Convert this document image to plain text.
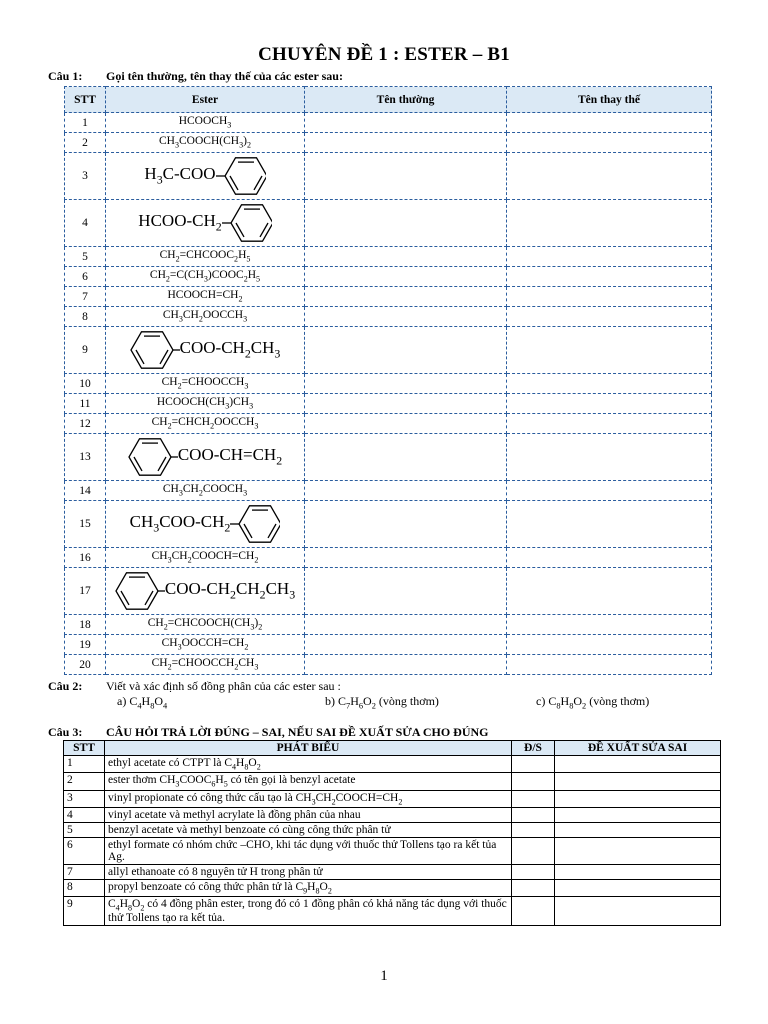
CHUYÊN ĐỀ 1 : ESTER – B1
Câu 1: Gọi tên thường, tên thay thế của các ester sau:
STT	Ester	Tên thường	Tên thay thế
1	$HCOOCH_3$		
2	$CH_3COOCH(CH_3)_2$		
3	$H_3C$-COO		

4	HCOO-$CH_2$

5	$CH_2=CHCOOC_2H_5$		
6	$CH_2=C(CH_3)COOC_2H_5$		
7	$HCOOCH=CH_2$		
8	$CH_3CH_2OOCCH_3$		
9	COO-$CH_2CH_3$

10	$CH_2=CHOOCCH_3$		
11	$HCOOCH(CH_3)CH_3$		
12	$CH_2=CHCH_2OOCCH_3$		
13	COO-$CH=CH_2$

14	$CH_3CH_2COOCH_3$		
15	$CH_3COO-CH_2$

16	$CH_3CH_2COOCH=CH_2$		
17	COO-$CH_2CH_2CH_3$

18	$CH_2=CHCOOCH(CH_3)_2$		
19	$CH_3OOCCH=CH_2$		
20	$CH_2=CHOOCCH_2CH_3$		
Câu 2: Viết và xác định số đồng phân của các ester sau :
a) $C_4H_8O_4$	b) $C_7H_6O_2$ (vòng thơm)	c) $C_8H_8O_2$ (vòng thơm)
Câu 3: CÂU HỎI TRẢ LỜI ĐÚNG – SAI, NẾU SAI ĐỀ XUẤT SỬA CHO ĐÚNG
STT	PHÁT BIỂU	Đ/S	ĐỀ XUẤT SỬA SAI
1	ethyl acetate có CTPT là $C_4H_8O_2$		
2	ester thơm $CH_3COOC_6H_5$ có tên gọi là benzyl acetate		
3	vinyl propionate có công thức cấu tạo là $CH_3CH_2COOCH=CH_2$		
4	vinyl acetate và methyl acrylate là đồng phân của nhau		
5	benzyl acetate và methyl benzoate có cùng công thức phân tử		
6	ethyl formate có nhóm chức –CHO, khi tác dụng với thuốc thử Tollens tạo ra kết tủa Ag.		
7	allyl ethanoate có 8 nguyên tử H trong phân tử		
8	propyl benzoate có công thức phân tử là $C_9H_8O_2$		
9	$C_4H_8O_2$ có 4 đồng phân ester, trong đó có 1 đồng phân có khả năng tác dụng với thuốc thử Tollens tạo ra kết tủa.		
1
